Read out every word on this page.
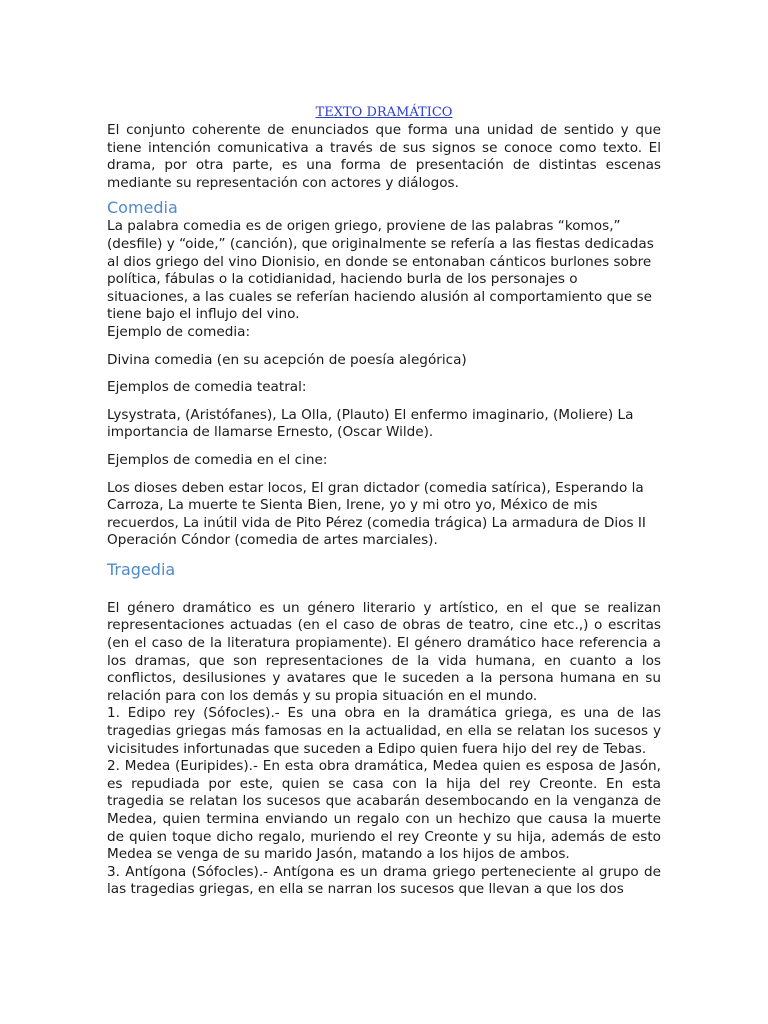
TEXTO DRAMÁTICO

El conjunto coherente de enunciados que forma una unidad de sentido y que tiene intención comunicativa a través de sus signos se conoce como texto. El drama, por otra parte, es una forma de presentación de distintas escenas mediante su representación con actores y diálogos.

Comedia

La palabra comedia es de origen griego, proviene de las palabras “komos,” (desfile) y “oide,” (canción), que originalmente se refería a las fiestas dedicadas al dios griego del vino Dionisio, en donde se entonaban cánticos burlones sobre política, fábulas o la cotidianidad, haciendo burla de los personajes o situaciones, a las cuales se referían haciendo alusión al comportamiento que se tiene bajo el influjo del vino.

Ejemplo de comedia:

Divina comedia (en su acepción de poesía alegórica)

Ejemplos de comedia teatral:

Lysystrata, (Aristófanes), La Olla, (Plauto) El enfermo imaginario, (Moliere) La importancia de llamarse Ernesto, (Oscar Wilde).

Ejemplos de comedia en el cine:

Los dioses deben estar locos, El gran dictador (comedia satírica), Esperando la Carroza, La muerte te Sienta Bien, Irene, yo y mi otro yo, México de mis recuerdos, La inútil vida de Pito Pérez (comedia trágica) La armadura de Dios II Operación Cóndor (comedia de artes marciales).

Tragedia

El género dramático es un género literario y artístico, en el que se realizan representaciones actuadas (en el caso de obras de teatro, cine etc.,) o escritas (en el caso de la literatura propiamente). El género dramático hace referencia a los dramas, que son representaciones de la vida humana, en cuanto a los conflictos, desilusiones y avatares que le suceden a la persona humana en su relación para con los demás y su propia situación en el mundo.

1. Edipo rey (Sófocles).- Es una obra en la dramática griega, es una de las tragedias griegas más famosas en la actualidad, en ella se relatan los sucesos y vicisitudes infortunadas que suceden a Edipo quien fuera hijo del rey de Tebas.

2. Medea (Euripides).- En esta obra dramática, Medea quien es esposa de Jasón, es repudiada por este, quien se casa con la hija del rey Creonte. En esta tragedia se relatan los sucesos que acabarán desembocando en la venganza de Medea, quien termina enviando un regalo con un hechizo que causa la muerte de quien toque dicho regalo, muriendo el rey Creonte y su hija, además de esto Medea se venga de su marido Jasón, matando a los hijos de ambos.

3. Antígona (Sófocles).- Antígona es un drama griego perteneciente al grupo de las tragedias griegas, en ella se narran los sucesos que llevan a que los dos
